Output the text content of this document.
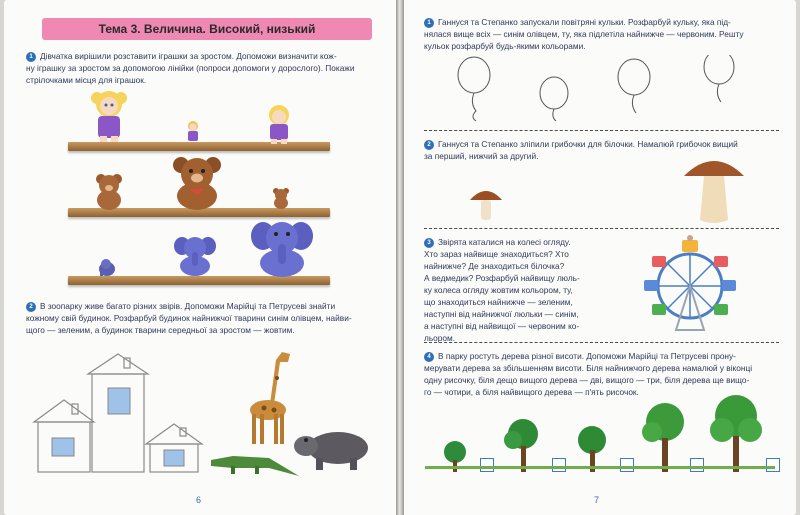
Тема 3. Величина. Високий, низький
1 Дівчатка вирішили розставити іграшки за зростом. Допоможи визначити кож-
ну іграшку за зростом за допомогою лінійки (попроси допомоги у дорослого). Покажи
стрілочками місця для іграшок.
2 В зоопарку живе багато різних звірів. Допоможи Марійці та Петрусеві знайти
кожному свій будинок. Розфарбуй будинок найнижчої тварини синім олівцем, найви-
щого — зеленим, а будинок тварини середньої за зростом — жовтим.
6
1 Ганнуся та Степанко запускали повітряні кульки. Розфарбуй кульку, яка під-
нялася вище всіх — синім олівцем, ту, яка підлетіла найнижче — червоним. Решту
кульок розфарбуй будь-якими кольорами.
2 Ганнуся та Степанко зліпили грибочки для білочки. Намалюй грибочок вищий
за перший, нижчий за другий.
3 Звірята каталися на колесі огляду.
Хто зараз найвище знаходиться? Хто
найнижче? Де знаходиться білочка?
А ведмедик? Розфарбуй найвищу люль-
ку колеса огляду жовтим кольором, ту,
що знаходиться найнижче — зеленим,
наступні від найнижчої люльки — синім,
а наступні від найвищої — червоним ко-
льором.
4 В парку ростуть дерева різної висоти. Допоможи Марійці та Петрусеві прону-
мерувати дерева за збільшенням висоти. Біля найнижчого дерева намалюй у віконці
одну рисочку, біля дещо вищого дерева — дві, вищого — три, біля дерева ще вищо-
го — чотири, а біля найвищого дерева — п'ять рисочок.
7
